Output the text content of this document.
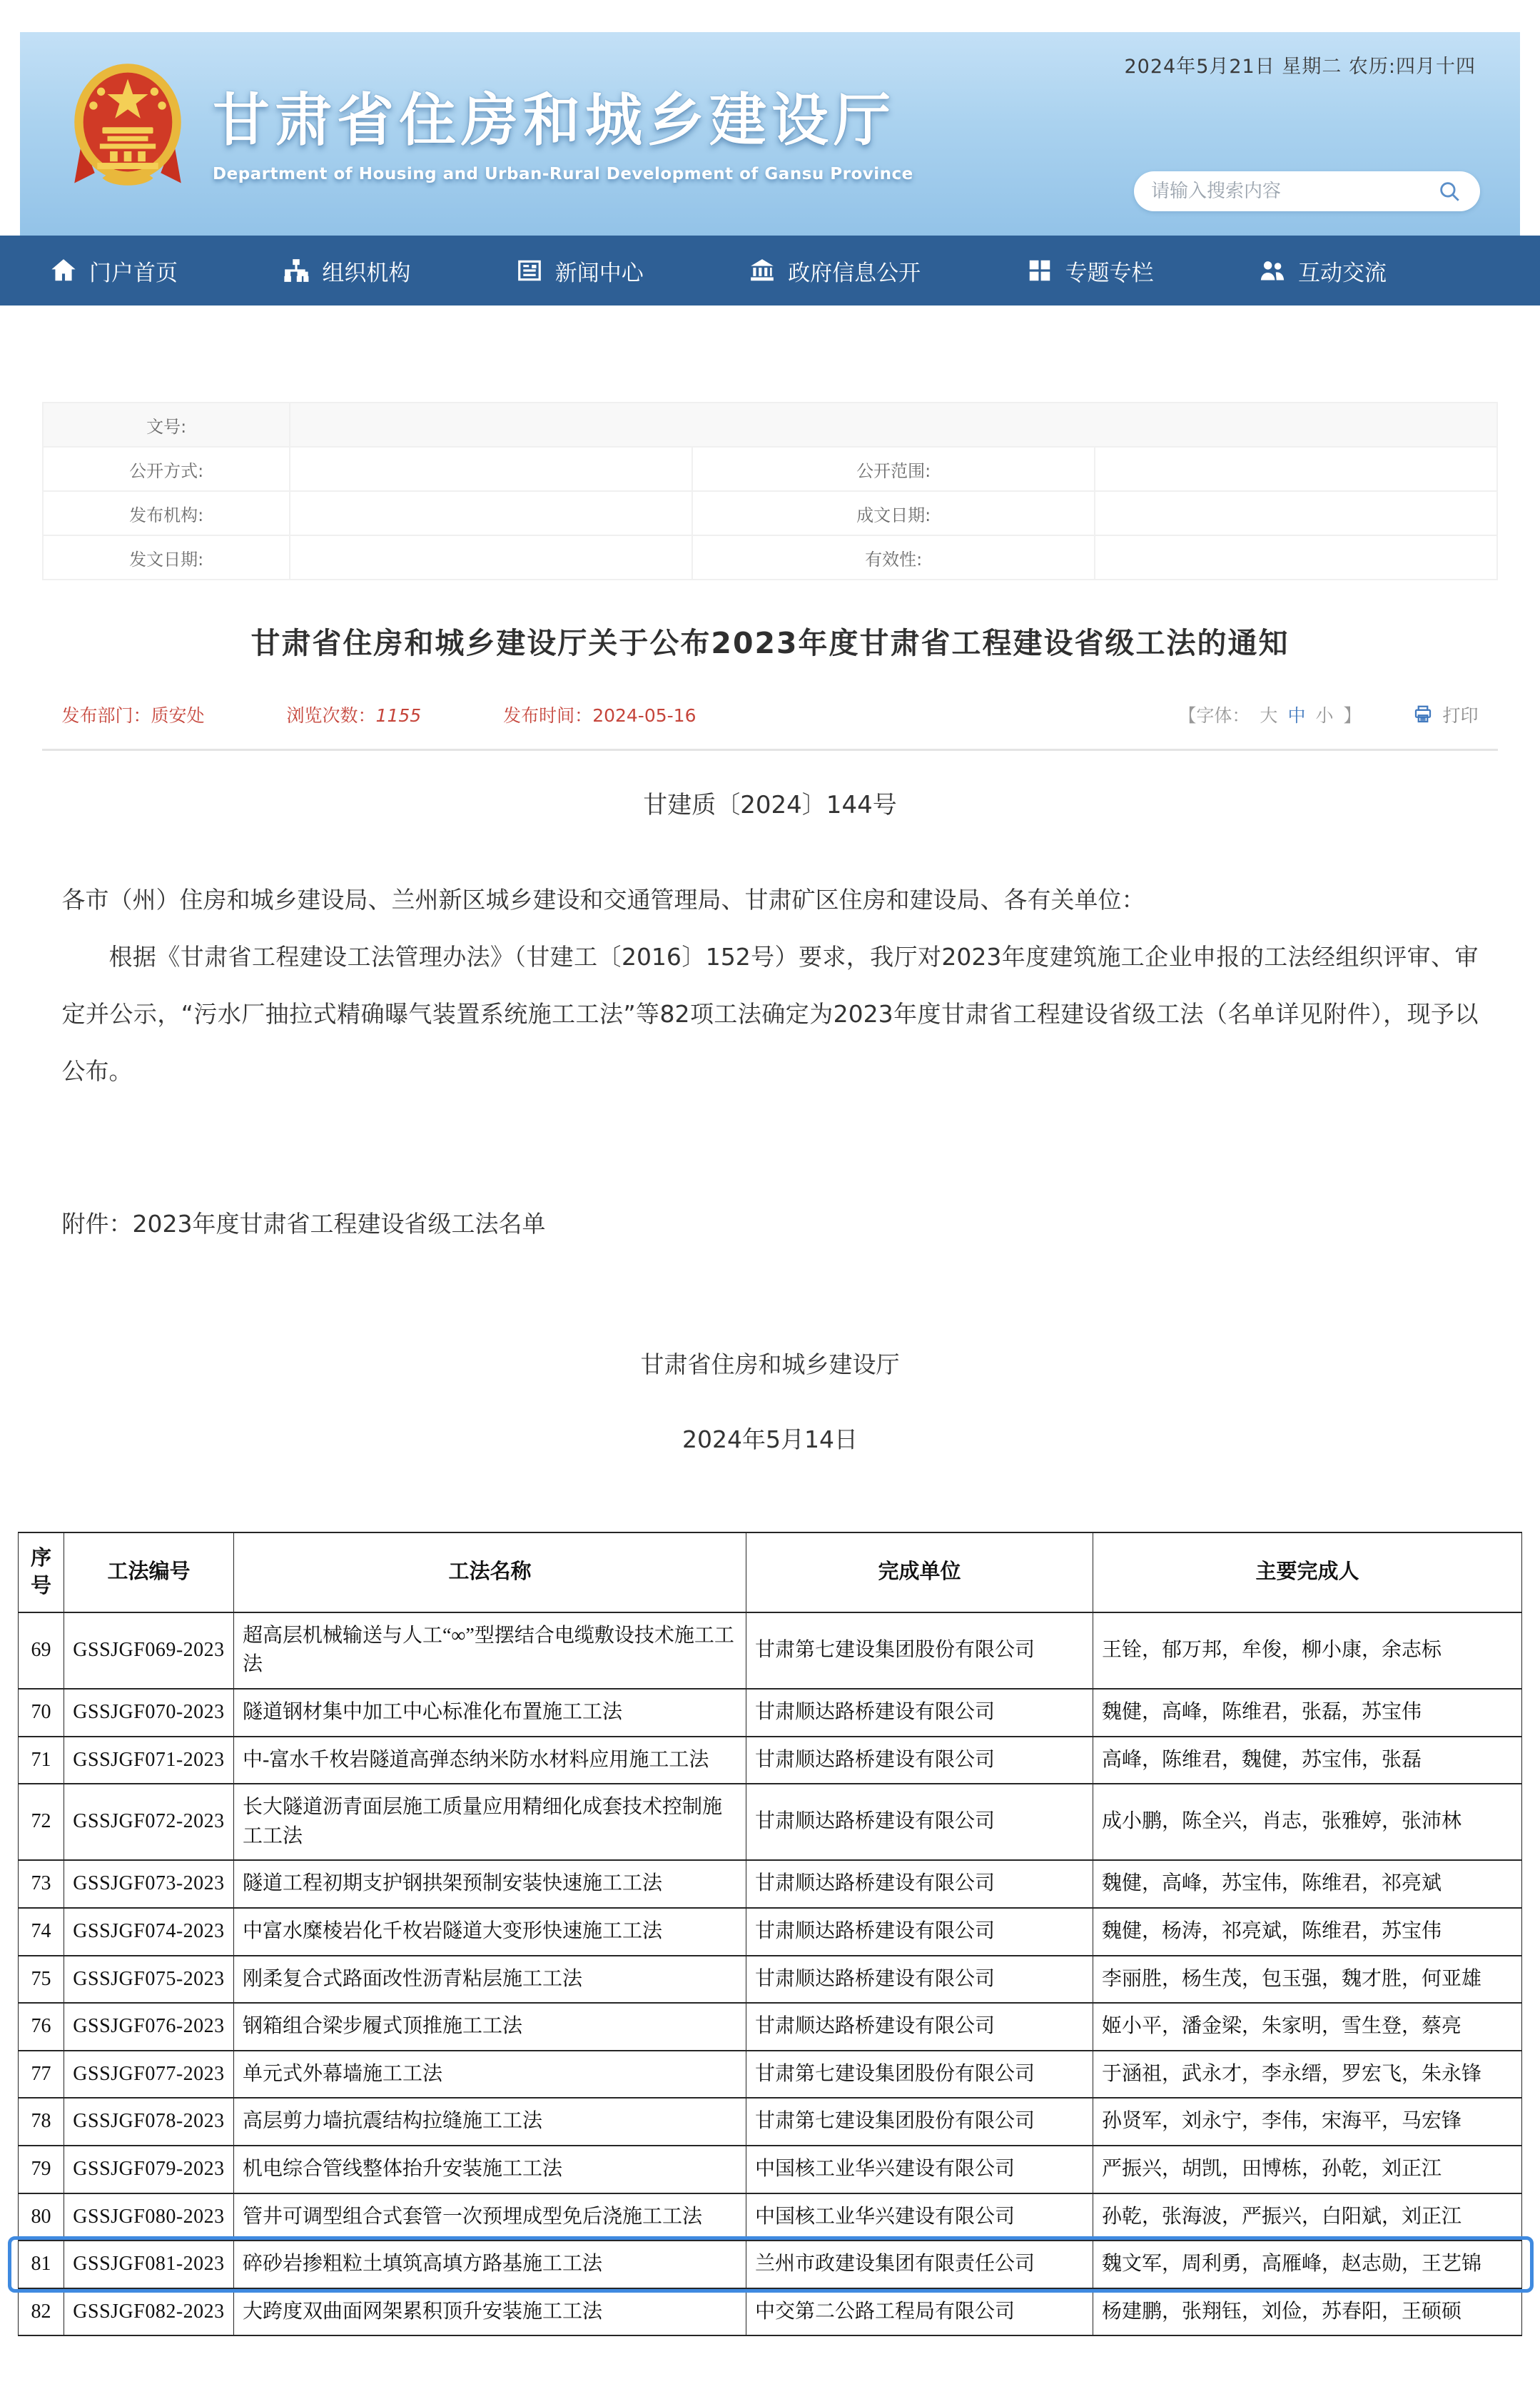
2024年5月21日 星期二 农历:四月十四
甘肃省住房和城乡建设厅
Department of Housing and Urban-Rural Development of Gansu Province
请输入搜索内容
门户首页	组织机构	新闻中心	政府信息公开	专题专栏	互动交流
文号:			
公开方式:		公开范围:	
发布机构:		成文日期:	
发文日期:		有效性:	
甘肃省住房和城乡建设厅关于公布2023年度甘肃省工程建设省级工法的通知
发布部门：质安处	浏览次数：1155	发布时间：2024-05-16	【字体： 大 中 小 】	打印
甘建质〔2024〕144号

各市（州）住房和城乡建设局、兰州新区城乡建设和交通管理局、甘肃矿区住房和建设局、各有关单位：

根据《甘肃省工程建设工法管理办法》（甘建工〔2016〕152号）要求，我厅对2023年度建筑施工企业申报的工法经组织评审、审定并公示，“污水厂抽拉式精确曝气装置系统施工工法”等82项工法确定为2023年度甘肃省工程建设省级工法（名单详见附件），现予以公布。

附件：2023年度甘肃省工程建设省级工法名单
甘肃省住房和城乡建设厅
2024年5月14日
序号	工法编号	工法名称	完成单位	主要完成人
69	GSSJGF069-2023	超高层机械输送与人工“∞”型摆结合电缆敷设技术施工工法	甘肃第七建设集团股份有限公司	王铨，郁万邦，牟俊，柳小康，余志标
70	GSSJGF070-2023	隧道钢材集中加工中心标准化布置施工工法	甘肃顺达路桥建设有限公司	魏健，高峰，陈维君，张磊，苏宝伟
71	GSSJGF071-2023	中-富水千枚岩隧道高弹态纳米防水材料应用施工工法	甘肃顺达路桥建设有限公司	高峰，陈维君，魏健，苏宝伟，张磊
72	GSSJGF072-2023	长大隧道沥青面层施工质量应用精细化成套技术控制施工工法	甘肃顺达路桥建设有限公司	成小鹏，陈全兴，肖志，张雅婷，张沛林
73	GSSJGF073-2023	隧道工程初期支护钢拱架预制安装快速施工工法	甘肃顺达路桥建设有限公司	魏健，高峰，苏宝伟，陈维君，祁亮斌
74	GSSJGF074-2023	中富水糜棱岩化千枚岩隧道大变形快速施工工法	甘肃顺达路桥建设有限公司	魏健，杨涛，祁亮斌，陈维君，苏宝伟
75	GSSJGF075-2023	刚柔复合式路面改性沥青粘层施工工法	甘肃顺达路桥建设有限公司	李丽胜，杨生茂，包玉强，魏才胜，何亚雄
76	GSSJGF076-2023	钢箱组合梁步履式顶推施工工法	甘肃顺达路桥建设有限公司	姬小平，潘金梁，朱家明，雪生登，蔡亮
77	GSSJGF077-2023	单元式外幕墙施工工法	甘肃第七建设集团股份有限公司	于涵祖，武永才，李永缙，罗宏飞，朱永锋
78	GSSJGF078-2023	高层剪力墙抗震结构拉缝施工工法	甘肃第七建设集团股份有限公司	孙贤军，刘永宁，李伟，宋海平，马宏锋
79	GSSJGF079-2023	机电综合管线整体抬升安装施工工法	中国核工业华兴建设有限公司	严振兴，胡凯，田博栋，孙乾，刘正江
80	GSSJGF080-2023	管井可调型组合式套管一次预埋成型免后浇施工工法	中国核工业华兴建设有限公司	孙乾，张海波，严振兴，白阳斌，刘正江
81	GSSJGF081-2023	碎砂岩掺粗粒土填筑高填方路基施工工法	兰州市政建设集团有限责任公司	魏文军，周利勇，高雁峰，赵志勋，王艺锦
82	GSSJGF082-2023	大跨度双曲面网架累积顶升安装施工工法	中交第二公路工程局有限公司	杨建鹏，张翔钰，刘俭，苏春阳，王硕硕
